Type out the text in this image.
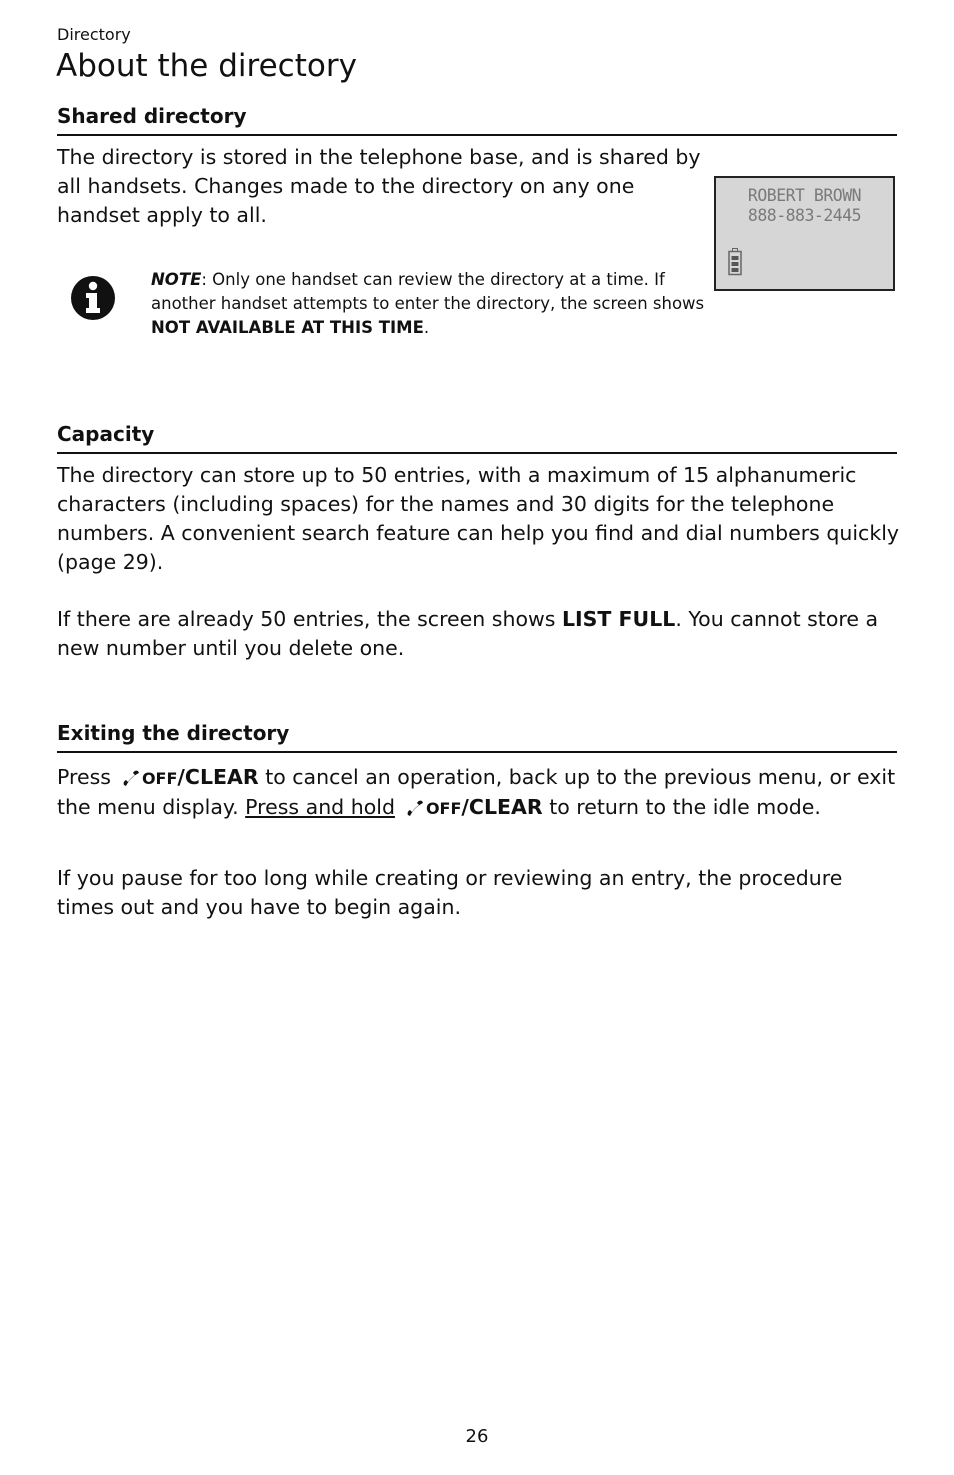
Directory
About the directory
Shared directory

The directory is stored in the telephone base, and is shared by all handsets. Changes made to the directory on any one handset apply to all.

ROBERT BROWN
888-883-2445

NOTE: Only one handset can review the directory at a time. If another handset attempts to enter the directory, the screen shows NOT AVAILABLE AT THIS TIME.

Capacity

The directory can store up to 50 entries, with a maximum of 15 alphanumeric characters (including spaces) for the names and 30 digits for the telephone numbers. A convenient search feature can help you find and dial numbers quickly (page 29).

If there are already 50 entries, the screen shows LIST FULL. You cannot store a new number until you delete one.

Exiting the directory

Press OFF/CLEAR to cancel an operation, back up to the previous menu, or exit the menu display. Press and hold OFF/CLEAR to return to the idle mode.

If you pause for too long while creating or reviewing an entry, the procedure times out and you have to begin again.

26
